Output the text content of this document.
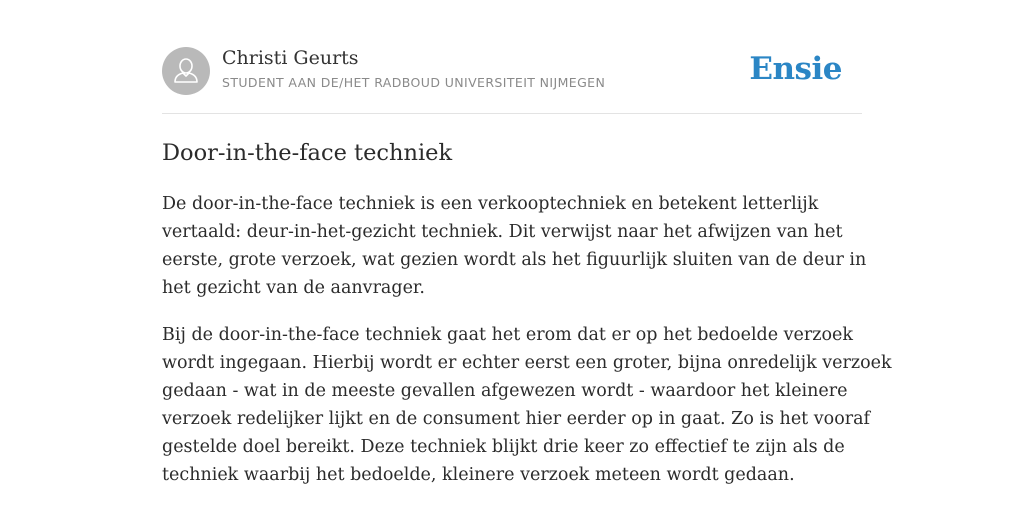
Christi Geurts
STUDENT AAN DE/HET RADBOUD UNIVERSITEIT NIJMEGEN	Ensie
Door-in-the-face techniek

De door-in-the-face techniek is een verkooptechniek en betekent letterlijk
vertaald: deur-in-het-gezicht techniek. Dit verwijst naar het afwijzen van het
eerste, grote verzoek, wat gezien wordt als het figuurlijk sluiten van de deur in
het gezicht van de aanvrager.

Bij de door-in-the-face techniek gaat het erom dat er op het bedoelde verzoek
wordt ingegaan. Hierbij wordt er echter eerst een groter, bijna onredelijk verzoek
gedaan - wat in de meeste gevallen afgewezen wordt - waardoor het kleinere
verzoek redelijker lijkt en de consument hier eerder op in gaat. Zo is het vooraf
gestelde doel bereikt. Deze techniek blijkt drie keer zo effectief te zijn als de
techniek waarbij het bedoelde, kleinere verzoek meteen wordt gedaan.
